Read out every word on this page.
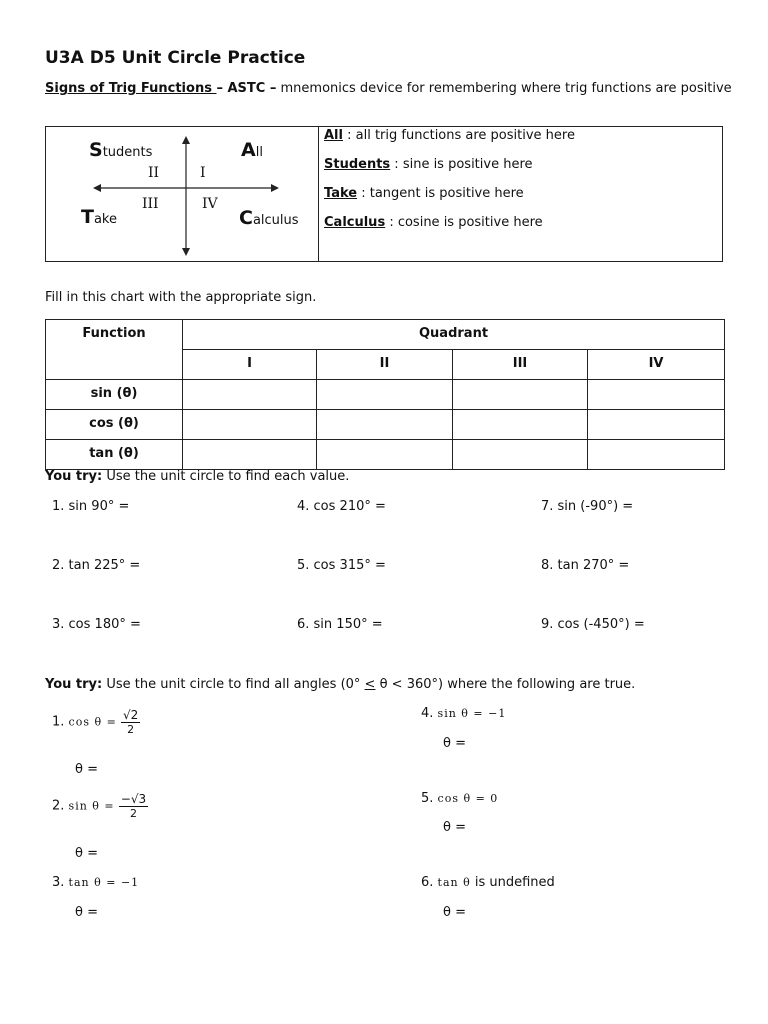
U3A D5 Unit Circle Practice
Signs of Trig Functions – ASTC – mnemonics device for remembering where trig functions are positive
Students	All
Take	Calculus
II	I
III	IV
All : all trig functions are positive here
Students : sine is positive here
Take : tangent is positive here
Calculus : cosine is positive here
Fill in this chart with the appropriate sign.
Function	Quadrant			
	I	II	III	IV
sin (θ)				
cos (θ)				
tan (θ)				
You try: Use the unit circle to find each value.
1. sin 90° =	4. cos 210° =	7. sin (-90°) =
2. tan 225° =	5. cos 315° =	8. tan 270° =
3. cos 180° =	6. sin 150° =	9. cos (-450°) =
You try: Use the unit circle to find all angles (0° < θ < 360°) where the following are true.
1. $\cos \theta = \frac{√2}{2}$
θ =
4. sin θ = −1
θ =
2. $\sin \theta = \frac{-√3}{2}$
θ =
5. cos θ = 0
θ =
3. tan θ = −1
θ =
6. tan θ is undefined
θ =
